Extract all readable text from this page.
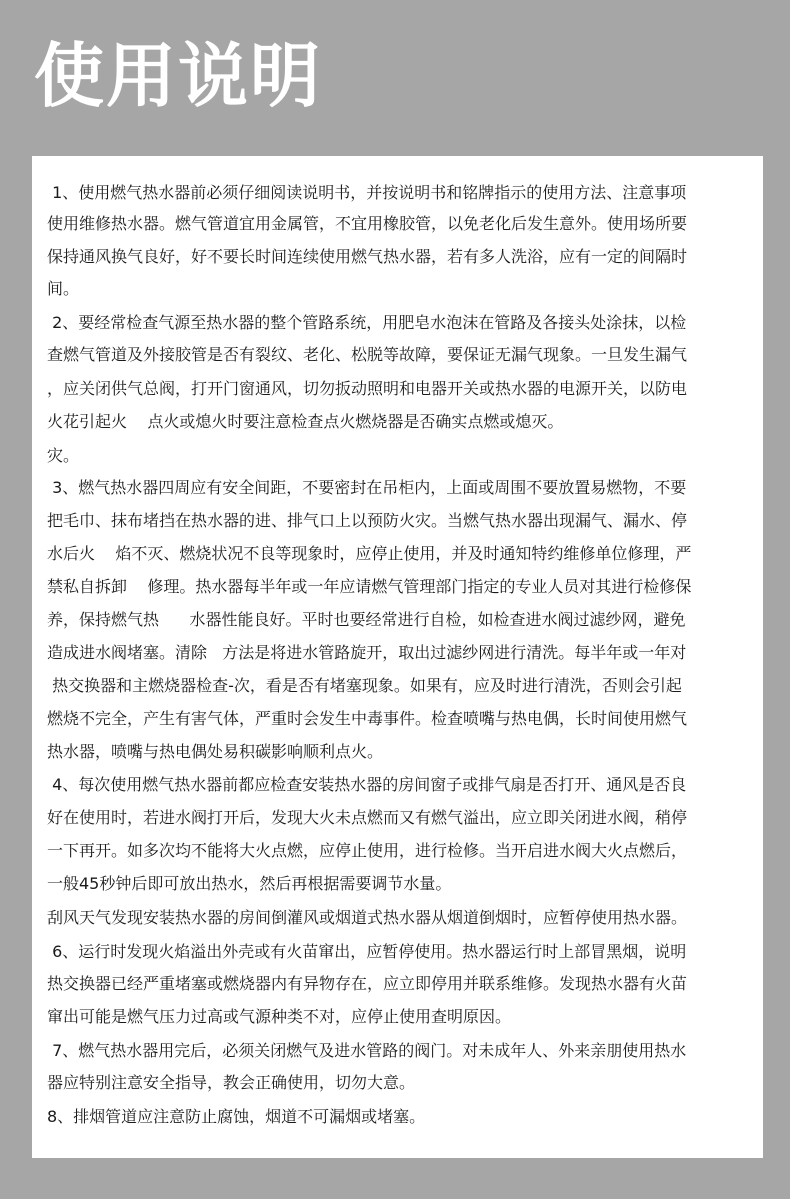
使用说明

1、使用燃气热水器前必须仔细阅读说明书，并按说明书和铭牌指示的使用方法、注意事项

使用维修热水器。燃气管道宜用金属管，不宜用橡胶管，以免老化后发生意外。使用场所要

保持通风换气良好，好不要长时间连续使用燃气热水器，若有多人洗浴，应有一定的间隔时

间。

2、要经常检查气源至热水器的整个管路系统，用肥皂水泡沫在管路及各接头处涂抹，以检

查燃气管道及外接胶管是否有裂纹、老化、松脱等故障，要保证无漏气现象。一旦发生漏气

，应关闭供气总阀，打开门窗通风，切勿扳动照明和电器开关或热水器的电源开关，以防电

火花引起火    点火或熄火时要注意检查点火燃烧器是否确实点燃或熄灭。

灾。

3、燃气热水器四周应有安全间距，不要密封在吊柜内，上面或周围不要放置易燃物，不要

把毛巾、抹布堵挡在热水器的进、排气口上以预防火灾。当燃气热水器出现漏气、漏水、停

水后火    焰不灭、燃烧状况不良等现象时，应停止使用，并及时通知特约维修单位修理，严

禁私自拆卸    修理。热水器每半年或一年应请燃气管理部门指定的专业人员对其进行检修保

养，保持燃气热      水器性能良好。平时也要经常进行自检，如检查进水阀过滤纱网，避免

造成进水阀堵塞。清除   方法是将进水管路旋开，取出过滤纱网进行清洗。每半年或一年对

热交换器和主燃烧器检查-次，看是否有堵塞现象。如果有，应及时进行清洗，否则会引起

燃烧不完全，产生有害气体，严重时会发生中毒事件。检查喷嘴与热电偶，长时间使用燃气

热水器，喷嘴与热电偶处易积碳影响顺利点火。

4、每次使用燃气热水器前都应检查安装热水器的房间窗子或排气扇是否打开、通风是否良

好在使用时，若进水阀打开后，发现大火未点燃而又有燃气溢出，应立即关闭进水阀，稍停

一下再开。如多次均不能将大火点燃，应停止使用，进行检修。当开启进水阀大火点燃后，

一般45秒钟后即可放出热水，然后再根据需要调节水量。

刮风天气发现安装热水器的房间倒灌风或烟道式热水器从烟道倒烟时，应暂停使用热水器。

6、运行时发现火焰溢出外壳或有火苗窜出，应暂停使用。热水器运行时上部冒黑烟，说明

热交换器已经严重堵塞或燃烧器内有异物存在，应立即停用并联系维修。发现热水器有火苗

窜出可能是燃气压力过高或气源种类不对，应停止使用查明原因。

7、燃气热水器用完后，必须关闭燃气及进水管路的阀门。对未成年人、外来亲朋使用热水

器应特别注意安全指导，教会正确使用，切勿大意。

8、排烟管道应注意防止腐蚀，烟道不可漏烟或堵塞。
